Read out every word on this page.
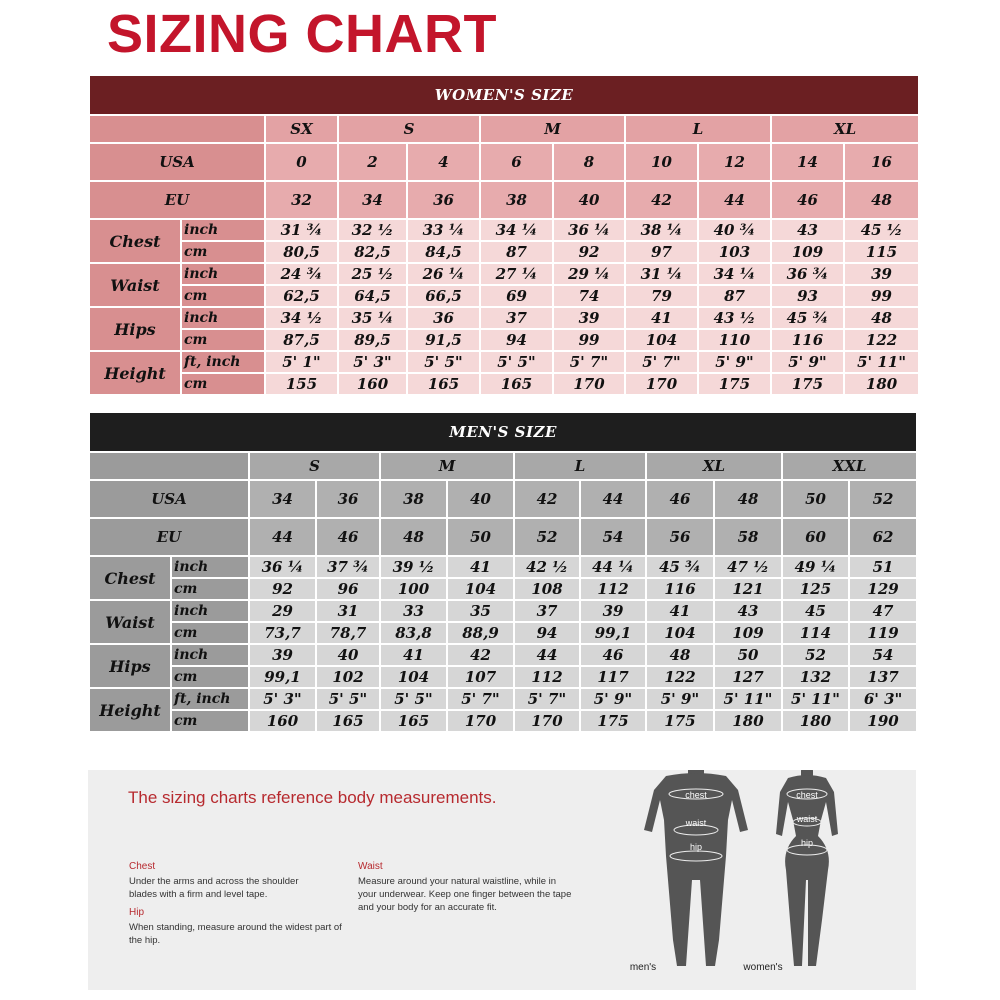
SIZING CHART
WOMEN'S SIZE										
		SX	S		M		L		XL	
USA		0	2	4	6	8	10	12	14	16
EU		32	34	36	38	40	42	44	46	48
Chest	inch	31 ¾	32 ½	33 ¼	34 ¼	36 ¼	38 ¼	40 ¾	43	45 ½
	cm	80,5	82,5	84,5	87	92	97	103	109	115
Waist	inch	24 ¾	25 ½	26 ¼	27 ¼	29 ¼	31 ¼	34 ¼	36 ¾	39
	cm	62,5	64,5	66,5	69	74	79	87	93	99
Hips	inch	34 ½	35 ¼	36	37	39	41	43 ½	45 ¾	48
	cm	87,5	89,5	91,5	94	99	104	110	116	122
Height	ft, inch	5' 1"	5' 3"	5' 5"	5' 5"	5' 7"	5' 7"	5' 9"	5' 9"	5' 11"
	cm	155	160	165	165	170	170	175	175	180
MEN'S SIZE											
		S		M		L		XL		XXL	
USA		34	36	38	40	42	44	46	48	50	52
EU		44	46	48	50	52	54	56	58	60	62
Chest	inch	36 ¼	37 ¾	39 ½	41	42 ½	44 ¼	45 ¾	47 ½	49 ¼	51
	cm	92	96	100	104	108	112	116	121	125	129
Waist	inch	29	31	33	35	37	39	41	43	45	47
	cm	73,7	78,7	83,8	88,9	94	99,1	104	109	114	119
Hips	inch	39	40	41	42	44	46	48	50	52	54
	cm	99,1	102	104	107	112	117	122	127	132	137
Height	ft, inch	5' 3"	5' 5"	5' 5"	5' 7"	5' 7"	5' 9"	5' 9"	5' 11"	5' 11"	6' 3"
	cm	160	165	165	170	170	175	175	180	180	190
The sizing charts reference body measurements.
Chest
Under the arms and across the shoulder blades with a firm and level tape.
Hip
When standing, measure around the widest part of the hip.
Waist
Measure around your natural waistline, while in your underwear. Keep one finger between the tape and your body for an accurate fit.
chest
waist
hip
chest
waist
hip
men's	women's
